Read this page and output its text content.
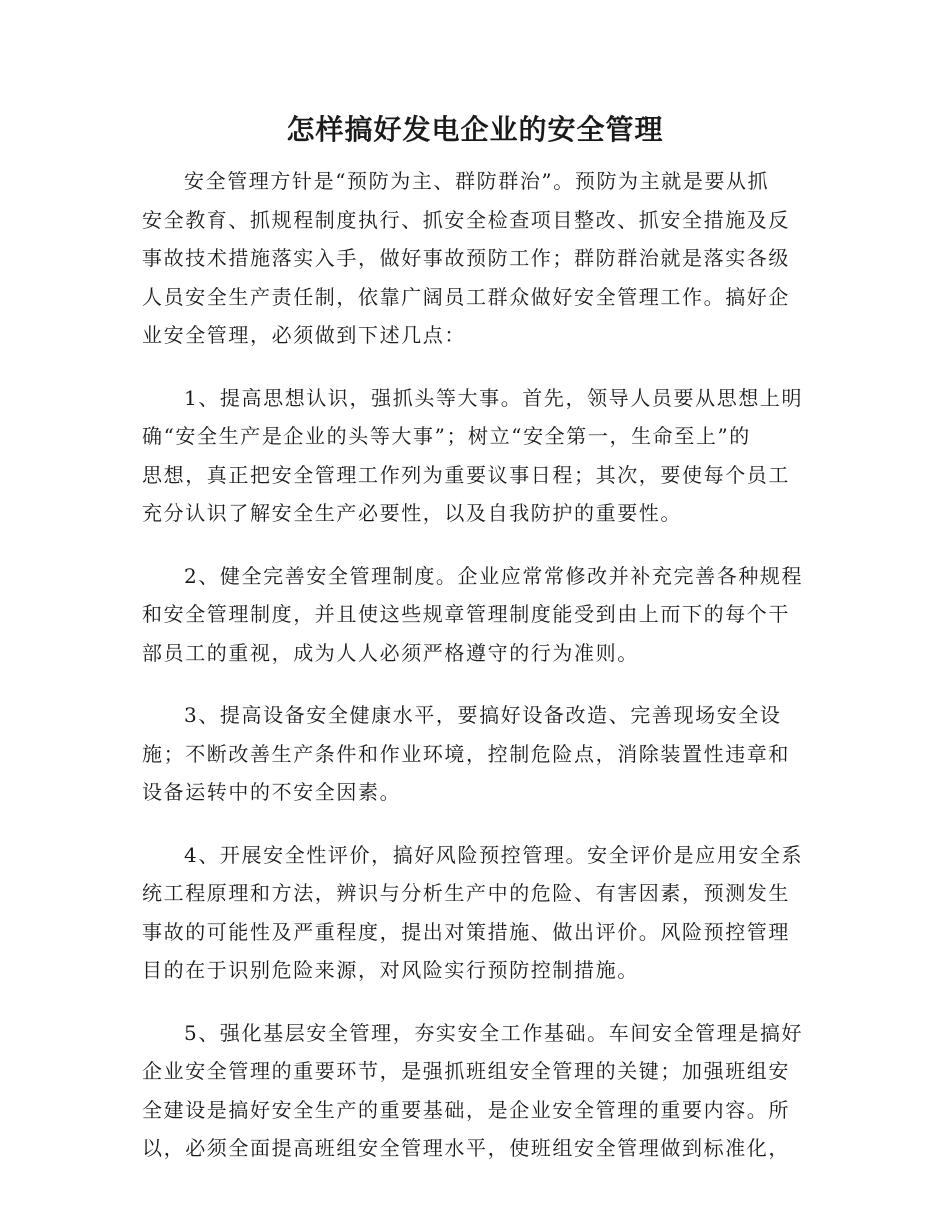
怎样搞好发电企业的安全管理

安全管理方针是“预防为主、群防群治”。预防为主就是要从抓
安全教育、抓规程制度执行、抓安全检查项目整改、抓安全措施及反
事故技术措施落实入手，做好事故预防工作；群防群治就是落实各级
人员安全生产责任制，依靠广阔员工群众做好安全管理工作。搞好企
业安全管理，必须做到下述几点：

1、提高思想认识，强抓头等大事。首先，领导人员要从思想上明
确“安全生产是企业的头等大事”；树立“安全第一，生命至上”的
思想，真正把安全管理工作列为重要议事日程；其次，要使每个员工
充分认识了解安全生产必要性，以及自我防护的重要性。

2、健全完善安全管理制度。企业应常常修改并补充完善各种规程
和安全管理制度，并且使这些规章管理制度能受到由上而下的每个干
部员工的重视，成为人人必须严格遵守的行为准则。

3、提高设备安全健康水平，要搞好设备改造、完善现场安全设
施；不断改善生产条件和作业环境，控制危险点，消除装置性违章和
设备运转中的不安全因素。

4、开展安全性评价，搞好风险预控管理。安全评价是应用安全系
统工程原理和方法，辨识与分析生产中的危险、有害因素，预测发生
事故的可能性及严重程度，提出对策措施、做出评价。风险预控管理
目的在于识别危险来源，对风险实行预防控制措施。

5、强化基层安全管理，夯实安全工作基础。车间安全管理是搞好
企业安全管理的重要环节，是强抓班组安全管理的关键；加强班组安
全建设是搞好安全生产的重要基础，是企业安全管理的重要内容。所
以，必须全面提高班组安全管理水平，使班组安全管理做到标准化，
